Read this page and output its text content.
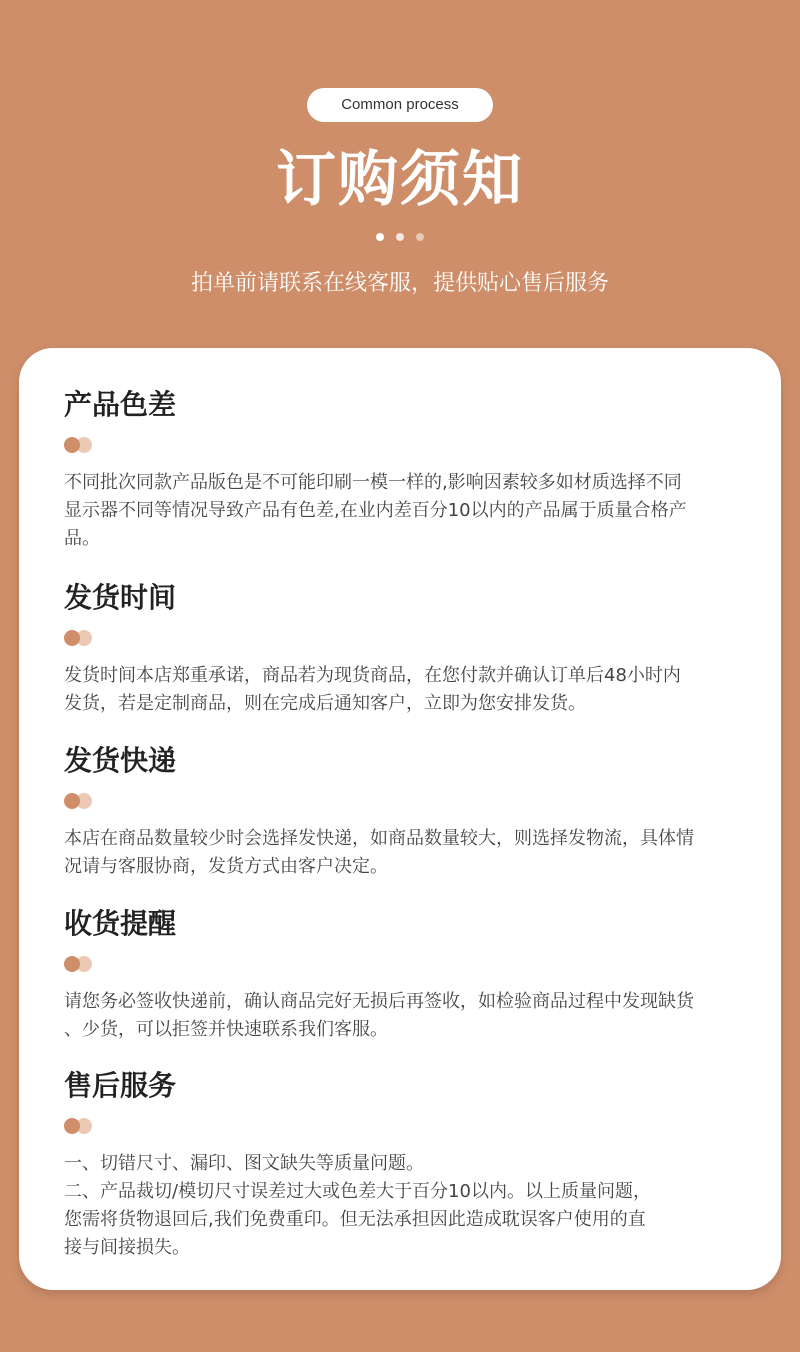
Common process
订购须知
拍单前请联系在线客服，提供贴心售后服务
产品色差

不同批次同款产品版色是不可能印刷一模一样的,影响因素较多如材质选择不同

显示器不同等情况导致产品有色差,在业内差百分10以内的产品属于质量合格产

品。

发货时间

发货时间本店郑重承诺，商品若为现货商品，在您付款并确认订单后48小时内

发货，若是定制商品，则在完成后通知客户，立即为您安排发货。

发货快递

本店在商品数量较少时会选择发快递，如商品数量较大，则选择发物流，具体情

况请与客服协商，发货方式由客户决定。

收货提醒

请您务必签收快递前，确认商品完好无损后再签收，如检验商品过程中发现缺货

、少货，可以拒签并快速联系我们客服。

售后服务

一、切错尺寸、漏印、图文缺失等质量问题。

二、产品裁切/模切尺寸误差过大或色差大于百分10以内。以上质量问题，

您需将货物退回后,我们免费重印。但无法承担因此造成耽误客户使用的直

接与间接损失。
